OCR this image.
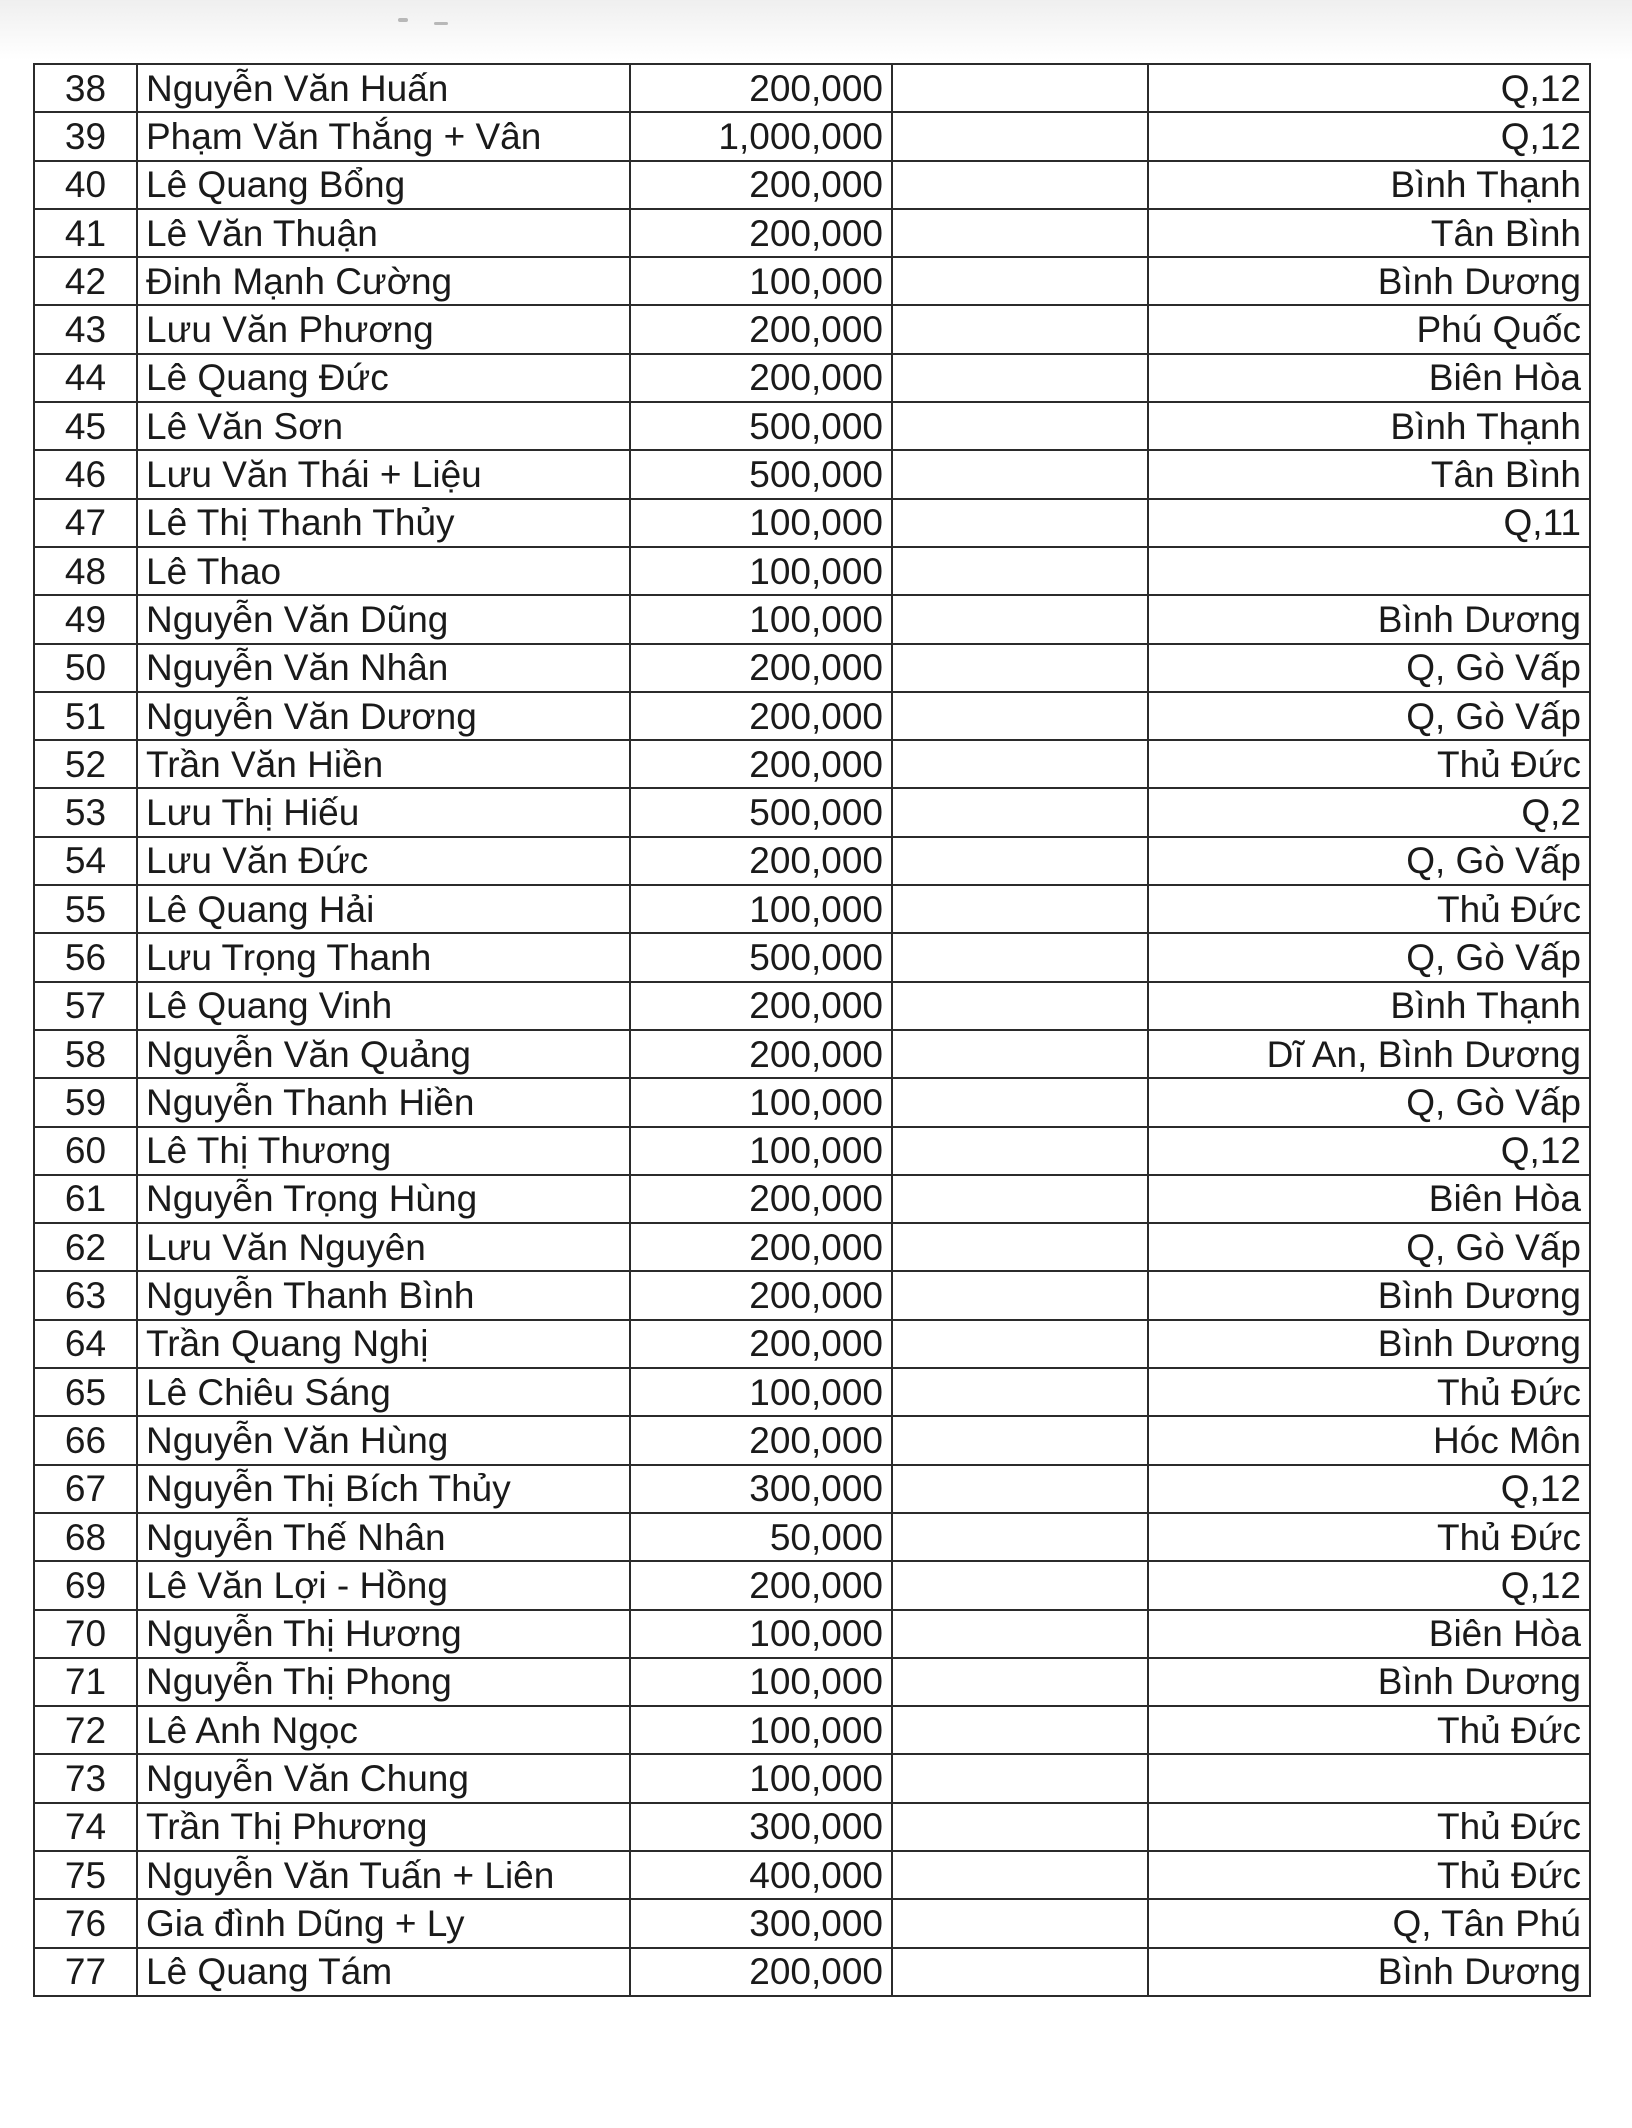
38	Nguyễn Văn Huấn	200,000		Q,12
39	Phạm Văn Thắng + Vân	1,000,000		Q,12
40	Lê Quang Bổng	200,000		Bình Thạnh
41	Lê Văn Thuận	200,000		Tân Bình
42	Đinh Mạnh Cường	100,000		Bình Dương
43	Lưu Văn Phương	200,000		Phú Quốc
44	Lê Quang Đức	200,000		Biên Hòa
45	Lê Văn Sơn	500,000		Bình Thạnh
46	Lưu Văn Thái + Liệu	500,000		Tân Bình
47	Lê Thị Thanh Thủy	100,000		Q,11
48	Lê Thao	100,000		
49	Nguyễn Văn Dũng	100,000		Bình Dương
50	Nguyễn Văn Nhân	200,000		Q, Gò Vấp
51	Nguyễn Văn Dương	200,000		Q, Gò Vấp
52	Trần Văn Hiền	200,000		Thủ Đức
53	Lưu Thị Hiếu	500,000		Q,2
54	Lưu Văn Đức	200,000		Q, Gò Vấp
55	Lê Quang Hải	100,000		Thủ Đức
56	Lưu Trọng Thanh	500,000		Q, Gò Vấp
57	Lê Quang Vinh	200,000		Bình Thạnh
58	Nguyễn Văn Quảng	200,000		Dĩ An, Bình Dương
59	Nguyễn Thanh Hiền	100,000		Q, Gò Vấp
60	Lê Thị Thương	100,000		Q,12
61	Nguyễn Trọng Hùng	200,000		Biên Hòa
62	Lưu Văn Nguyên	200,000		Q, Gò Vấp
63	Nguyễn Thanh Bình	200,000		Bình Dương
64	Trần Quang Nghị	200,000		Bình Dương
65	Lê Chiêu Sáng	100,000		Thủ Đức
66	Nguyễn Văn Hùng	200,000		Hóc Môn
67	Nguyễn Thị Bích Thủy	300,000		Q,12
68	Nguyễn Thế Nhân	50,000		Thủ Đức
69	Lê Văn Lợi - Hồng	200,000		Q,12
70	Nguyễn Thị Hương	100,000		Biên Hòa
71	Nguyễn Thị Phong	100,000		Bình Dương
72	Lê Anh Ngọc	100,000		Thủ Đức
73	Nguyễn Văn Chung	100,000		
74	Trần Thị Phương	300,000		Thủ Đức
75	Nguyễn Văn Tuấn + Liên	400,000		Thủ Đức
76	Gia đình Dũng + Ly	300,000		Q, Tân Phú
77	Lê Quang Tám	200,000		Bình Dương
